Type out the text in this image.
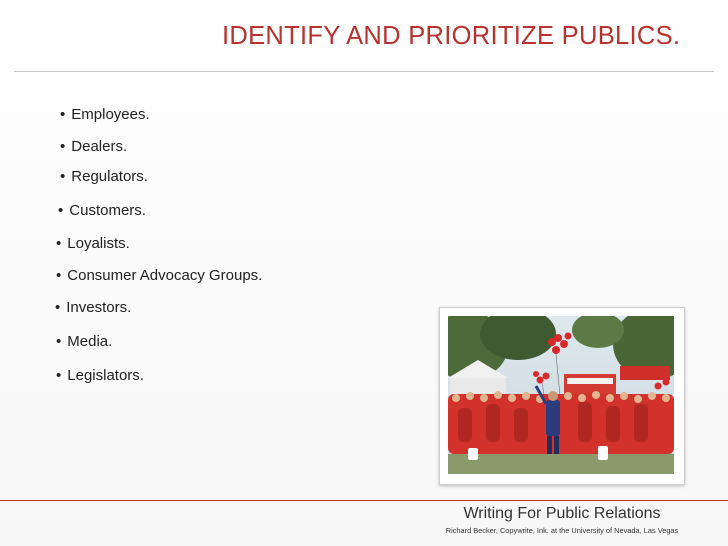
IDENTIFY AND PRIORITIZE PUBLICS.
• Employees.
• Dealers.
• Regulators.
• Customers.
• Loyalists.
• Consumer Advocacy Groups.
• Investors.
• Media.
• Legislators.
Writing For Public Relations
Richard Becker, Copywrite, Ink. at the University of Nevada, Las Vegas
